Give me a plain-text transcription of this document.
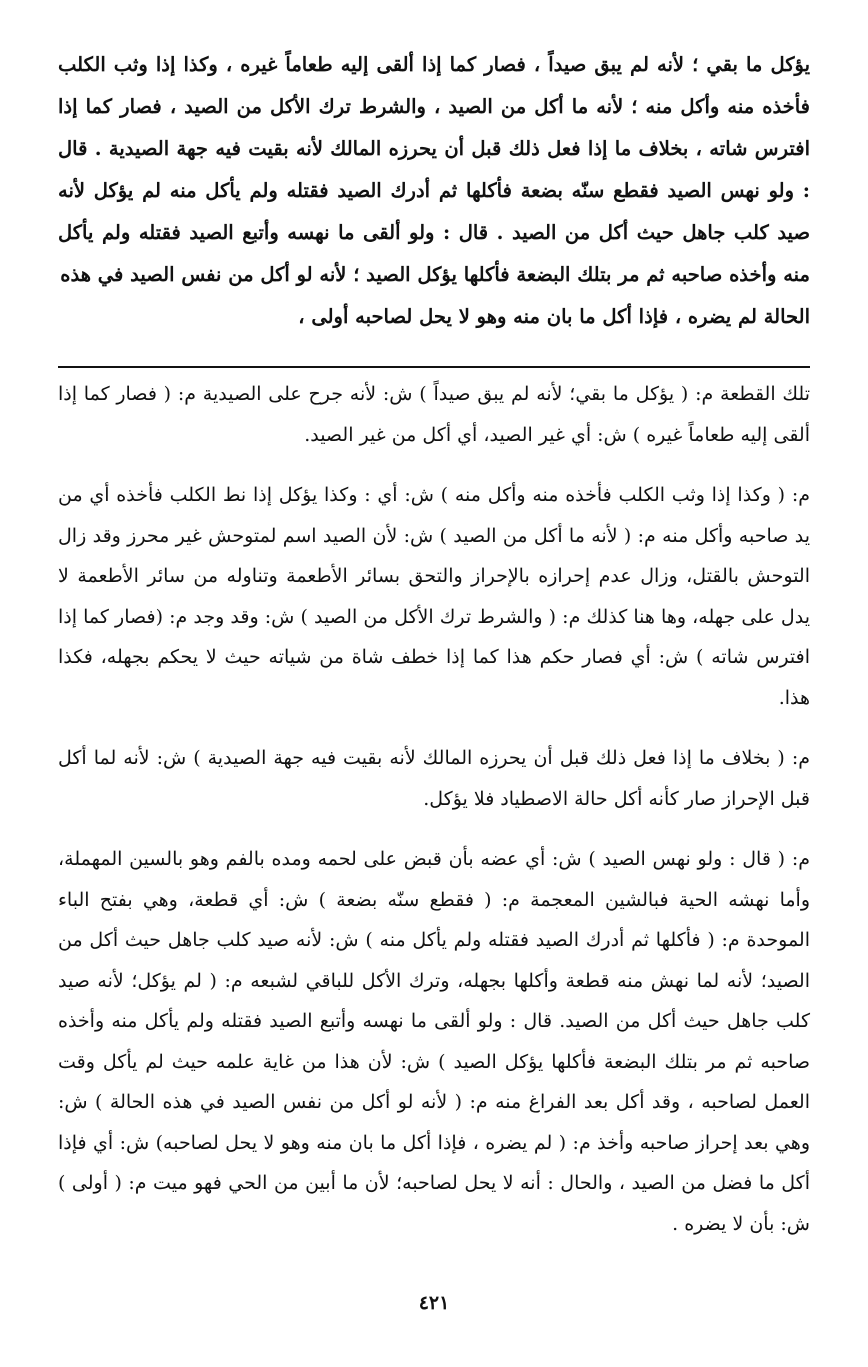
يؤكل ما بقي ؛ لأنه لم يبق صيداً ، فصار كما إذا ألقى إليه طعاماً غيره ، وكذا إذا وثب الكلب فأخذه منه وأكل منه ؛ لأنه ما أكل من الصيد ، والشرط ترك الأكل من الصيد ، فصار كما إذا افترس شاته ، بخلاف ما إذا فعل ذلك قبل أن يحرزه المالك لأنه بقيت فيه جهة الصيدية . قال : ولو نهس الصيد فقطع سنّه بضعة فأكلها ثم أدرك الصيد فقتله ولم يأكل منه لم يؤكل لأنه صيد كلب جاهل حيث أكل من الصيد . قال : ولو ألقى ما نهسه وأتبع الصيد فقتله ولم يأكل منه وأخذه صاحبه ثم مر بتلك البضعة فأكلها يؤكل الصيد ؛ لأنه لو أكل من نفس الصيد في هذه
الحالة لم يضره ، فإذا أكل ما بان منه وهو لا يحل لصاحبه أولى ،

تلك القطعة م: ( يؤكل ما بقي؛ لأنه لم يبق صيداً ) ش: لأنه جرح على الصيدية م: ( فصار كما إذا ألقى إليه طعاماً غيره ) ش: أي غير الصيد، أي أكل من غير الصيد.

م: ( وكذا إذا وثب الكلب فأخذه منه وأكل منه ) ش: أي : وكذا يؤكل إذا نط الكلب فأخذه أي من يد صاحبه وأكل منه م: ( لأنه ما أكل من الصيد ) ش: لأن الصيد اسم لمتوحش غير محرز وقد زال التوحش بالقتل، وزال عدم إحرازه بالإحراز والتحق بسائر الأطعمة وتناوله من سائر الأطعمة لا يدل على جهله، وها هنا كذلك م: ( والشرط ترك الأكل من الصيد ) ش: وقد وجد م: (فصار كما إذا افترس شاته ) ش: أي فصار حكم هذا كما إذا خطف شاة من شياته حيث لا يحكم بجهله، فكذا هذا.

م: ( بخلاف ما إذا فعل ذلك قبل أن يحرزه المالك لأنه بقيت فيه جهة الصيدية ) ش: لأنه لما أكل قبل الإحراز صار كأنه أكل حالة الاصطياد فلا يؤكل.

م: ( قال : ولو نهس الصيد ) ش: أي عضه بأن قبض على لحمه ومده بالفم وهو بالسين المهملة، وأما نهشه الحية فبالشين المعجمة م: ( فقطع سنّه بضعة ) ش: أي قطعة، وهي بفتح الباء الموحدة م: ( فأكلها ثم أدرك الصيد فقتله ولم يأكل منه ) ش: لأنه صيد كلب جاهل حيث أكل من الصيد؛ لأنه لما نهش منه قطعة وأكلها بجهله، وترك الأكل للباقي لشبعه م: ( لم يؤكل؛ لأنه صيد كلب جاهل حيث أكل من الصيد. قال : ولو ألقى ما نهسه وأتبع الصيد فقتله ولم يأكل منه وأخذه صاحبه ثم مر بتلك البضعة فأكلها يؤكل الصيد ) ش: لأن هذا من غاية علمه حيث لم يأكل وقت العمل لصاحبه ، وقد أكل بعد الفراغ منه م: ( لأنه لو أكل من نفس الصيد في هذه الحالة ) ش: وهي بعد إحراز صاحبه وأخذ م: ( لم يضره ، فإذا أكل ما بان منه وهو لا يحل لصاحبه) ش: أي فإذا أكل ما فضل من الصيد ، والحال : أنه لا يحل لصاحبه؛ لأن ما أبين من الحي فهو ميت م: ( أولى ) ش: بأن لا يضره .

٤٢١
